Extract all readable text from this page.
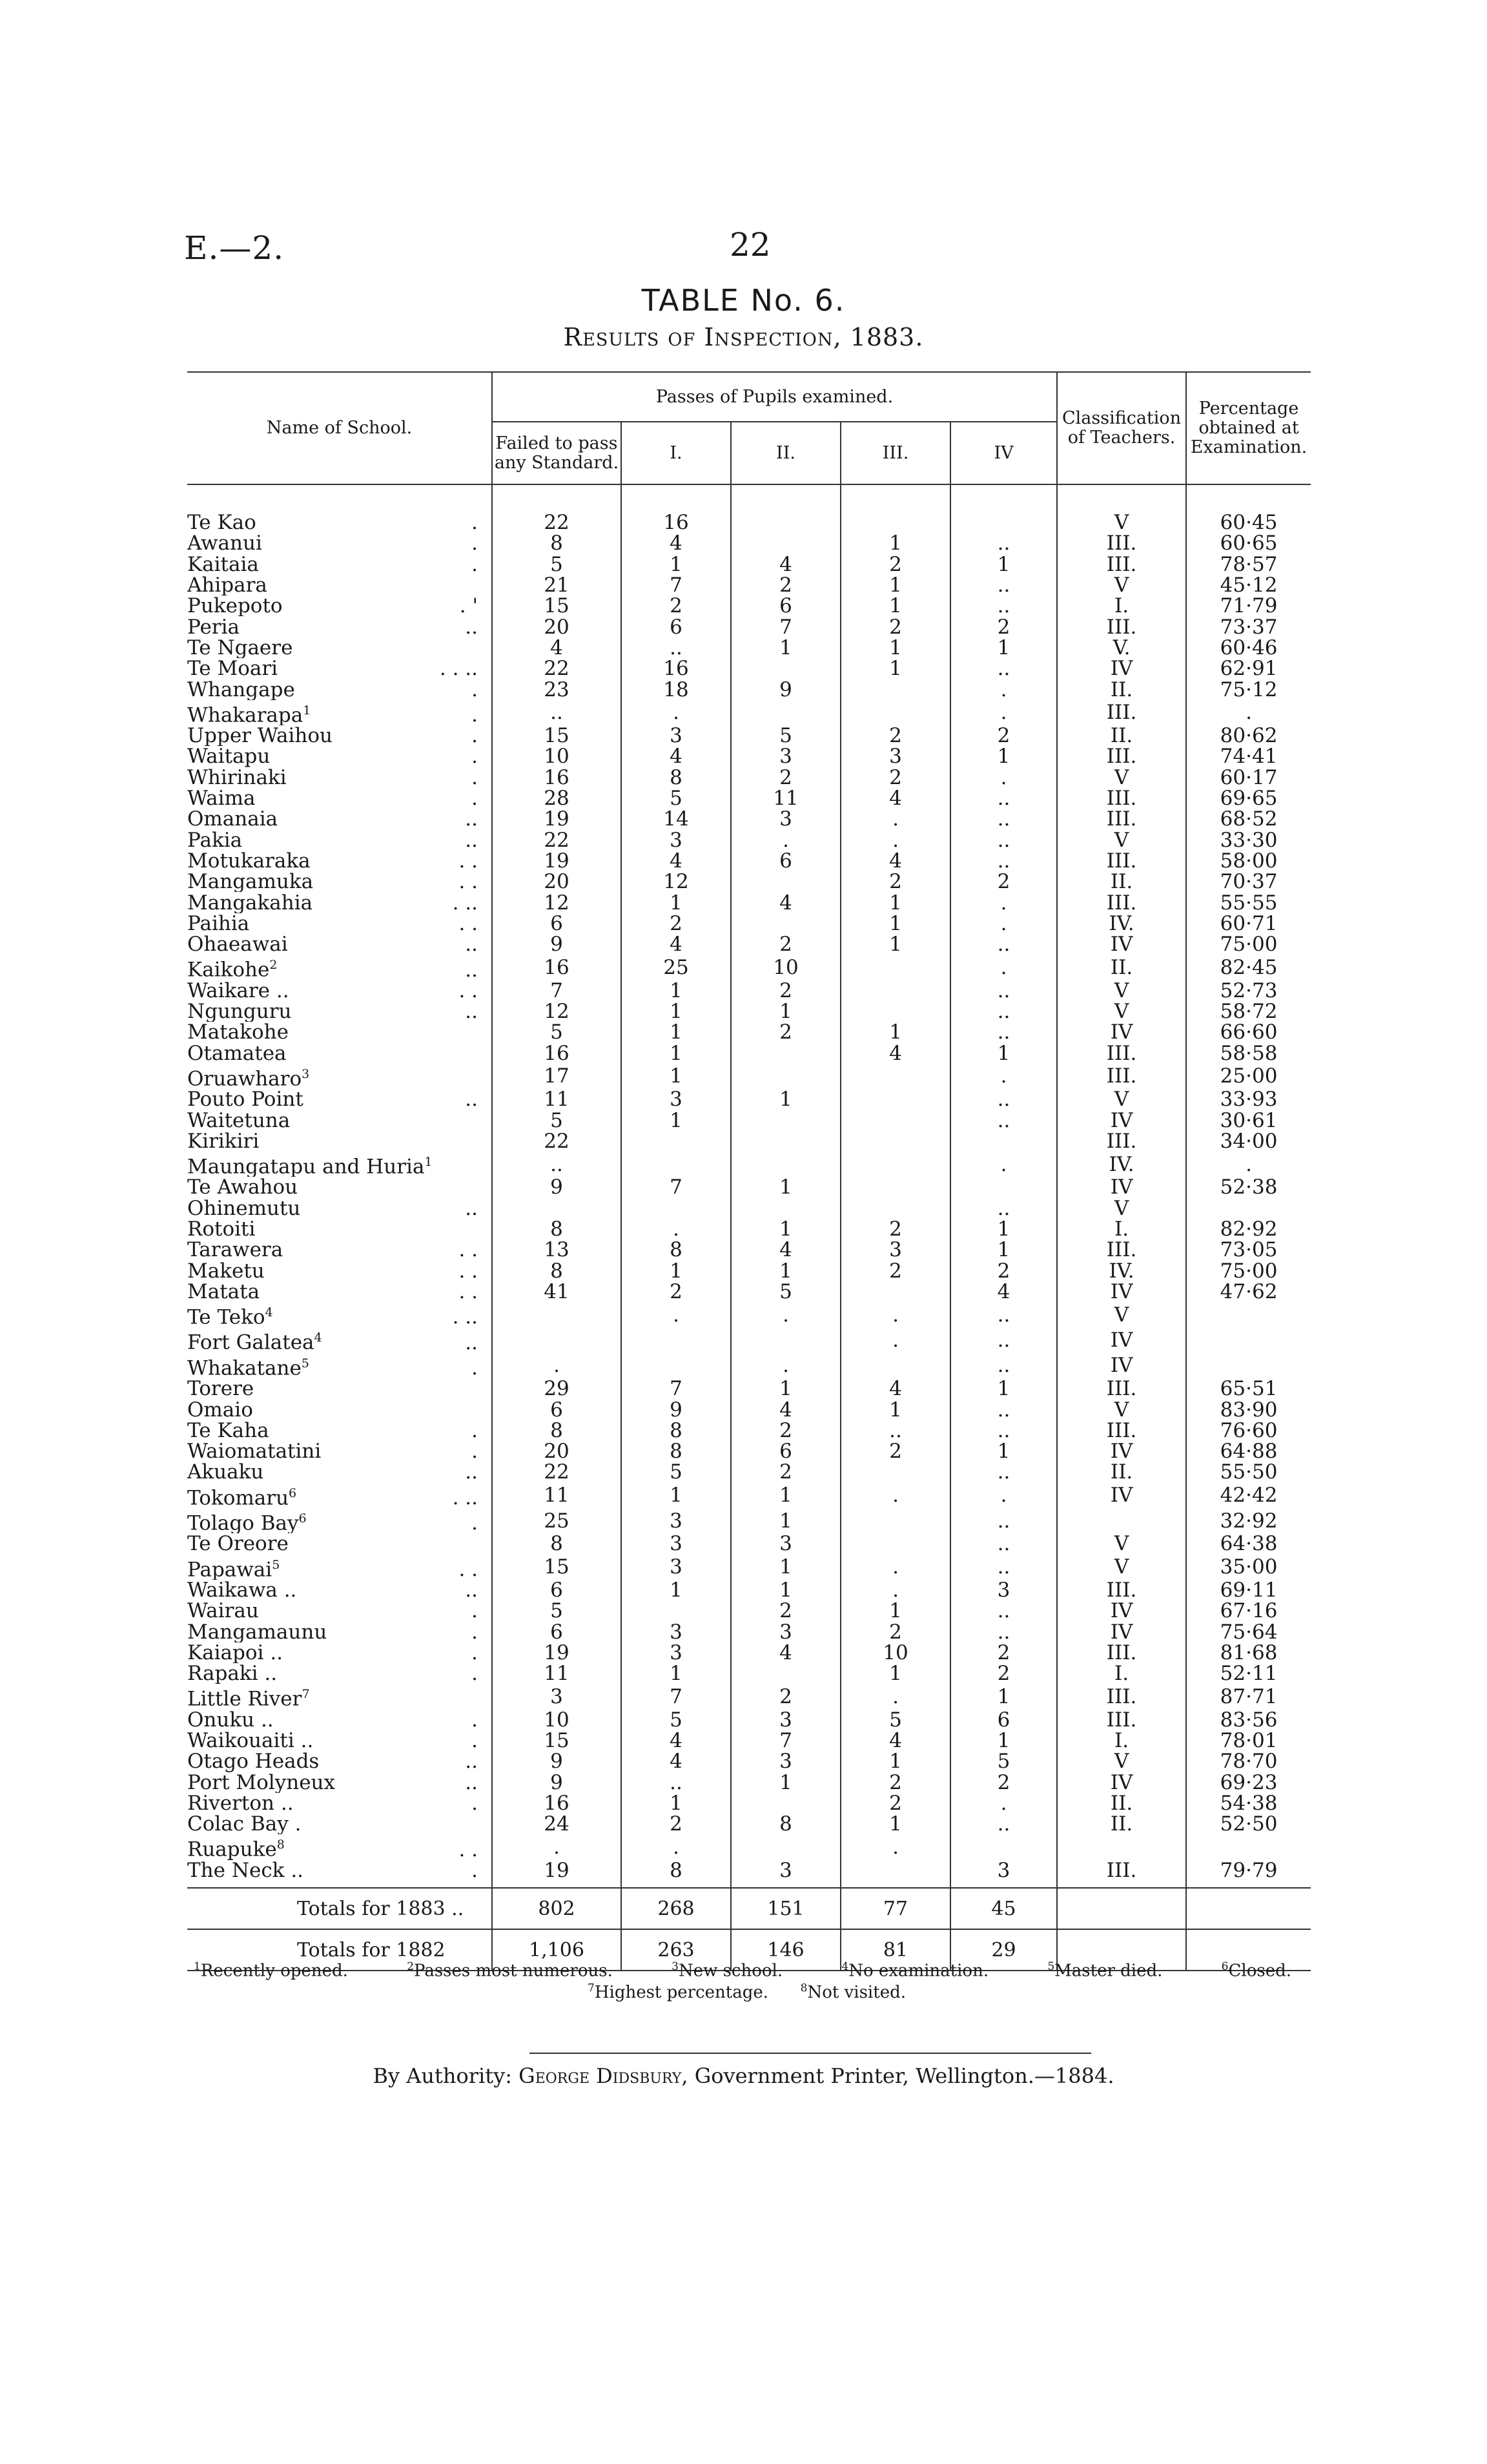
E.—2.	22
TABLE No. 6.
Results of Inspection, 1883.
Name of School.	Passes of Pupils examined.					Classification of Teachers.	Percentage obtained at Examination.
	Failed to pass any Standard.	I.	II.	III.	IV		

Te Kao .	22	16				V	60·45
Awanui .	8	4		1	..	III.	60·65
Kaitaia .	5	1	4	2	1	III.	78·57
Ahipara	21	7	2	1	..	V	45·12
Pukepoto . '	15	2	6	1	..	I.	71·79
Peria ..	20	6	7	2	2	III.	73·37
Te Ngaere	4	..	1	1	1	V.	60·46
Te Moari . . ..	22	16		1	..	IV	62·91
Whangape .	23	18	9		.	II.	75·12
Whakarapa$^1$ .	..	.			.	III.	.
Upper Waihou .	15	3	5	2	2	II.	80·62
Waitapu .	10	4	3	3	1	III.	74·41
Whirinaki .	16	8	2	2	.	V	60·17
Waima .	28	5	11	4	..	III.	69·65
Omanaia ..	19	14	3	.	..	III.	68·52
Pakia ..	22	3	.	.	..	V	33·30
Motukaraka . .	19	4	6	4	..	III.	58·00
Mangamuka . .	20	12		2	2	II.	70·37
Mangakahia . ..	12	1	4	1	.	III.	55·55
Paihia . .	6	2		1	.	IV.	60·71
Ohaeawai ..	9	4	2	1	..	IV	75·00
Kaikohe$^2$ ..	16	25	10		.	II.	82·45
Waikare .. . .	7	1	2		..	V	52·73
Ngunguru ..	12	1	1		..	V	58·72
Matakohe	5	1	2	1	..	IV	66·60
Otamatea	16	1		4	1	III.	58·58
Oruawharo$^3$	17	1			.	III.	25·00
Pouto Point ..	11	3	1		..	V	33·93
Waitetuna	5	1			..	IV	30·61
Kirikiri	22					III.	34·00
Maungatapu and Huria$^1$	..				.	IV.	.
Te Awahou	9	7	1			IV	52·38
Ohinemutu ..					..	V	
Rotoiti	8	.	1	2	1	I.	82·92
Tarawera . .	13	8	4	3	1	III.	73·05
Maketu . .	8	1	1	2	2	IV.	75·00
Matata . .	41	2	5		4	IV	47·62
Te Teko$^4$ . ..		.	.	.	..	V	
Fort Galatea$^4$ ..				.	..	IV	
Whakatane$^5$ .	.		.		..	IV	
Torere	29	7	1	4	1	III.	65·51
Omaio	6	9	4	1	..	V	83·90
Te Kaha .	8	8	2	..	..	III.	76·60
Waiomatatini .	20	8	6	2	1	IV	64·88
Akuaku ..	22	5	2		..	II.	55·50
Tokomaru$^6$ . ..	11	1	1	.	.	IV	42·42
Tolago Bay$^6$ .	25	3	1		..		32·92
Te Oreore	8	3	3		..	V	64·38
Papawai$^5$ . .	15	3	1	.	..	V	35·00
Waikawa .. ..	6	1	1	.	3	III.	69·11
Wairau .	5		2	1	..	IV	67·16
Mangamaunu .	6	3	3	2	..	IV	75·64
Kaiapoi .. .	19	3	4	10	2	III.	81·68
Rapaki .. .	11	1		1	2	I.	52·11
Little River$^7$	3	7	2	.	1	III.	87·71
Onuku .. .	10	5	3	5	6	III.	83·56
Waikouaiti .. .	15	4	7	4	1	I.	78·01
Otago Heads ..	9	4	3	1	5	V	78·70
Port Molyneux ..	9	..	1	2	2	IV	69·23
Riverton .. .	16	1		2	.	II.	54·38
Colac Bay .	24	2	8	1	..	II.	52·50
Ruapuke$^8$ . .	.	.		.			
The Neck .. .	19	8	3		3	III.	79·79

Totals for 1883 ..	802	268	151	77	45		
Totals for 1882	1,106	263	146	81	29		
$^1$Recently opened.	$^2$Passes most numerous.	$^3$New school.	$^4$No examination.	$^5$Master died.	$^6$Closed.
$^7$Highest percentage.	$^8$Not visited.
By Authority: George Didsbury, Government Printer, Wellington.—1884.
